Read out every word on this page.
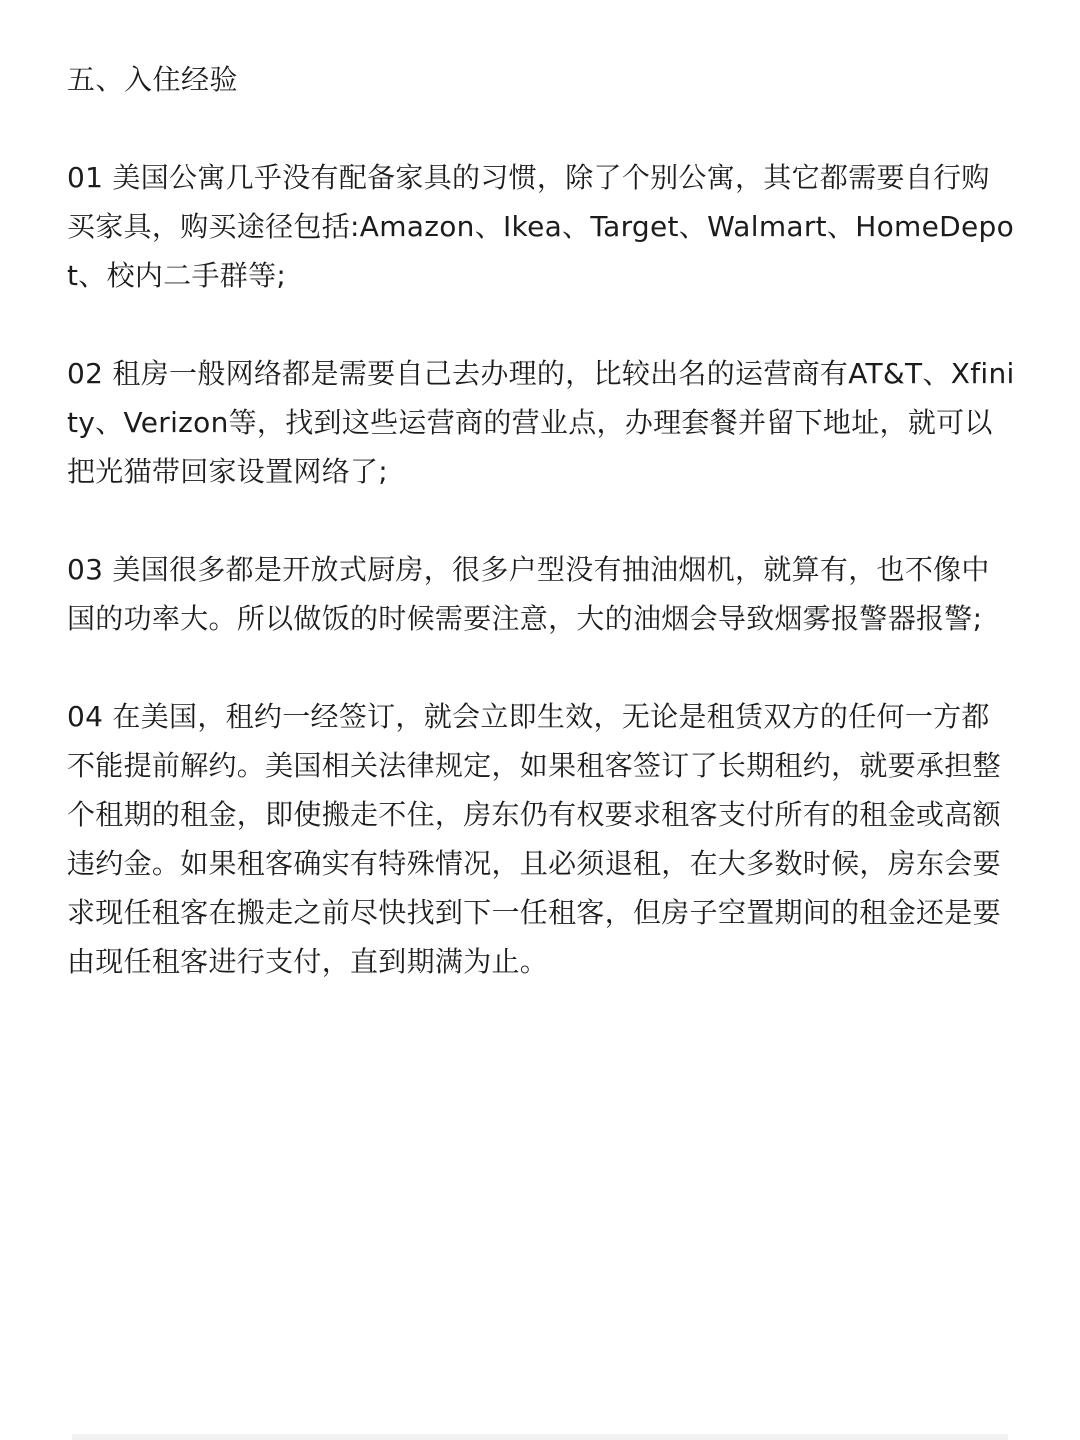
五、入住经验

01 美国公寓几乎没有配备家具的习惯，除了个别公寓，其它都需要自行购买家具，购买途径包括:Amazon、Ikea、Target、Walmart、HomeDepot、校内二手群等;

02 租房一般网络都是需要自己去办理的，比较出名的运营商有AT&T、Xfinity、Verizon等，找到这些运营商的营业点，办理套餐并留下地址，就可以把光猫带回家设置网络了;

03 美国很多都是开放式厨房，很多户型没有抽油烟机，就算有，也不像中国的功率大。所以做饭的时候需要注意，大的油烟会导致烟雾报警器报警;

04 在美国，租约一经签订，就会立即生效，无论是租赁双方的任何一方都不能提前解约。美国相关法律规定，如果租客签订了长期租约，就要承担整个租期的租金，即使搬走不住，房东仍有权要求租客支付所有的租金或高额违约金。如果租客确实有特殊情况，且必须退租，在大多数时候，房东会要求现任租客在搬走之前尽快找到下一任租客，但房子空置期间的租金还是要由现任租客进行支付，直到期满为止。
